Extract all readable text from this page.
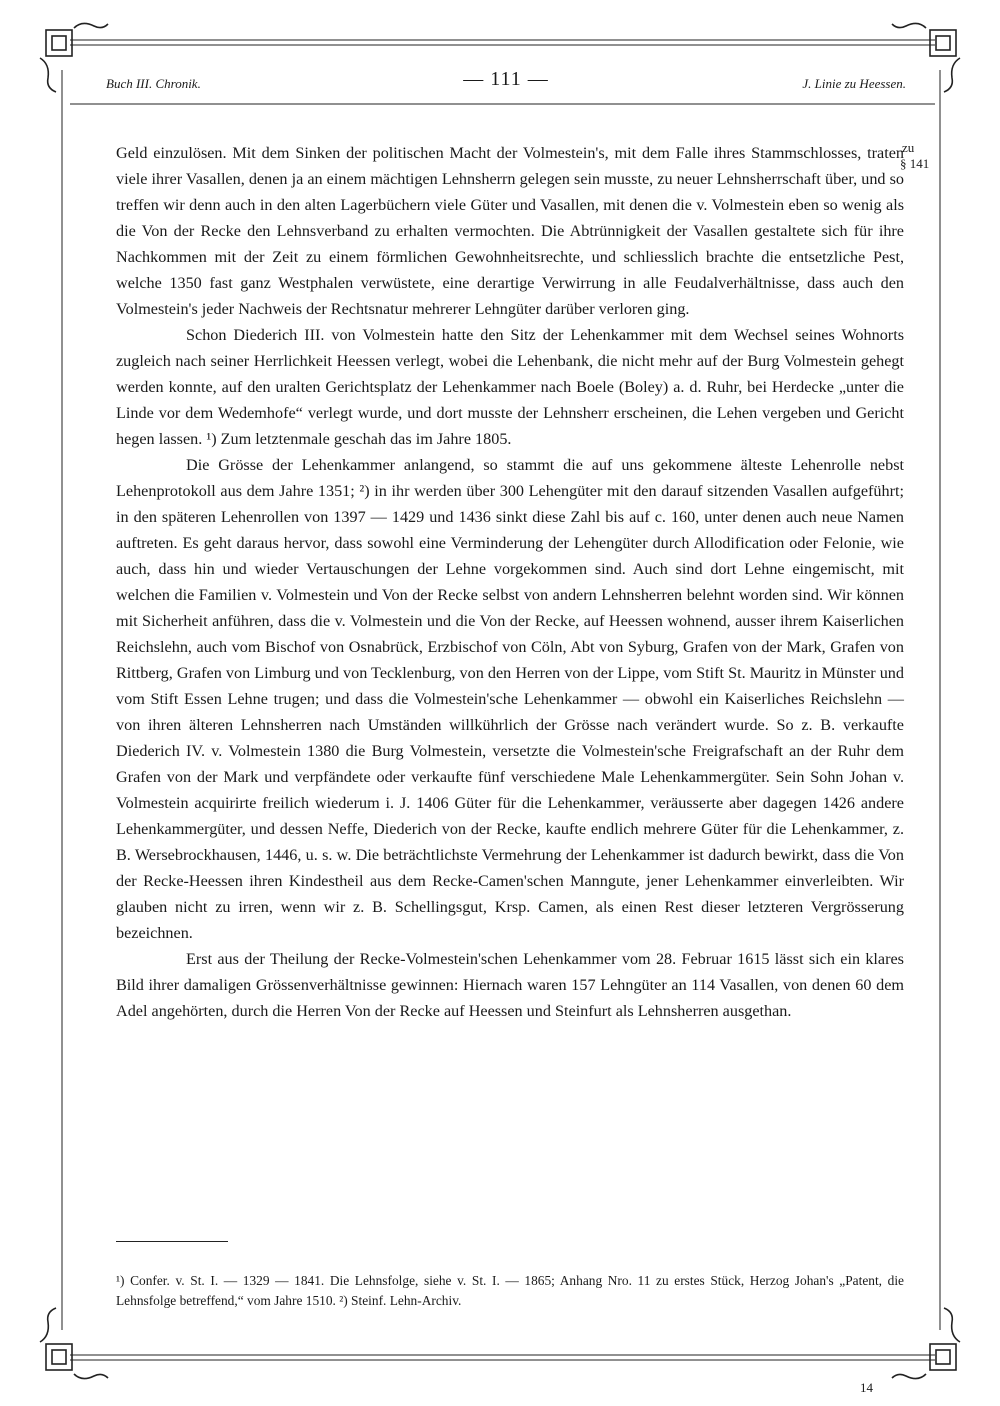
Buch III. Chronik.	— 111 —	J. Linie zu Heessen.
zu
§ 141

Geld einzulösen. Mit dem Sinken der politischen Macht der Volmestein's, mit dem Falle ihres Stammschlosses, traten viele ihrer Vasallen, denen ja an einem mächtigen Lehnsherrn gelegen sein musste, zu neuer Lehnsherrschaft über, und so treffen wir denn auch in den alten Lagerbüchern viele Güter und Vasallen, mit denen die v. Volmestein eben so wenig als die Von der Recke den Lehnsverband zu erhalten vermochten. Die Abtrünnigkeit der Vasallen gestaltete sich für ihre Nachkommen mit der Zeit zu einem förmlichen Gewohnheitsrechte, und schliesslich brachte die entsetzliche Pest, welche 1350 fast ganz Westphalen verwüstete, eine derartige Verwirrung in alle Feudalverhältnisse, dass auch den Volmestein's jeder Nachweis der Rechtsnatur mehrerer Lehngüter darüber verloren ging.

Schon Diederich III. von Volmestein hatte den Sitz der Lehenkammer mit dem Wechsel seines Wohnorts zugleich nach seiner Herrlichkeit Heessen verlegt, wobei die Lehenbank, die nicht mehr auf der Burg Volmestein gehegt werden konnte, auf den uralten Gerichtsplatz der Lehenkammer nach Boele (Boley) a. d. Ruhr, bei Herdecke „unter die Linde vor dem Wedemhofe“ verlegt wurde, und dort musste der Lehnsherr erscheinen, die Lehen vergeben und Gericht hegen lassen. ¹) Zum letztenmale geschah das im Jahre 1805.

Die Grösse der Lehenkammer anlangend, so stammt die auf uns gekommene älteste Lehenrolle nebst Lehenprotokoll aus dem Jahre 1351; ²) in ihr werden über 300 Lehengüter mit den darauf sitzenden Vasallen aufgeführt; in den späteren Lehenrollen von 1397 — 1429 und 1436 sinkt diese Zahl bis auf c. 160, unter denen auch neue Namen auftreten. Es geht daraus hervor, dass sowohl eine Verminderung der Lehengüter durch Allodification oder Felonie, wie auch, dass hin und wieder Vertauschungen der Lehne vorgekommen sind. Auch sind dort Lehne eingemischt, mit welchen die Familien v. Volmestein und Von der Recke selbst von andern Lehnsherren belehnt worden sind. Wir können mit Sicherheit anführen, dass die v. Volmestein und die Von der Recke, auf Heessen wohnend, ausser ihrem Kaiserlichen Reichslehn, auch vom Bischof von Osnabrück, Erzbischof von Cöln, Abt von Syburg, Grafen von der Mark, Grafen von Rittberg, Grafen von Limburg und von Tecklenburg, von den Herren von der Lippe, vom Stift St. Mauritz in Münster und vom Stift Essen Lehne trugen; und dass die Volmestein'sche Lehenkammer — obwohl ein Kaiserliches Reichslehn — von ihren älteren Lehnsherren nach Umständen willkührlich der Grösse nach verändert wurde. So z. B. verkaufte Diederich IV. v. Volmestein 1380 die Burg Volmestein, versetzte die Volmestein'sche Freigrafschaft an der Ruhr dem Grafen von der Mark und verpfändete oder verkaufte fünf verschiedene Male Lehenkammergüter. Sein Sohn Johan v. Volmestein acquirirte freilich wiederum i. J. 1406 Güter für die Lehenkammer, veräusserte aber dagegen 1426 andere Lehenkammergüter, und dessen Neffe, Diederich von der Recke, kaufte endlich mehrere Güter für die Lehenkammer, z. B. Wersebrockhausen, 1446, u. s. w. Die beträchtlichste Vermehrung der Lehenkammer ist dadurch bewirkt, dass die Von der Recke-Heessen ihren Kindestheil aus dem Recke-Camen'schen Manngute, jener Lehenkammer einverleibten. Wir glauben nicht zu irren, wenn wir z. B. Schellingsgut, Krsp. Camen, als einen Rest dieser letzteren Vergrösserung bezeichnen.

Erst aus der Theilung der Recke-Volmestein'schen Lehenkammer vom 28. Februar 1615 lässt sich ein klares Bild ihrer damaligen Grössenverhältnisse gewinnen: Hiernach waren 157 Lehngüter an 114 Vasallen, von denen 60 dem Adel angehörten, durch die Herren Von der Recke auf Heessen und Steinfurt als Lehnsherren ausgethan.

¹) Confer. v. St. I. — 1329 — 1841. Die Lehnsfolge, siehe v. St. I. — 1865; Anhang Nro. 11 zu erstes Stück, Herzog Johan's „Patent, die Lehnsfolge betreffend,“ vom Jahre 1510. ²) Steinf. Lehn-Archiv.
14
